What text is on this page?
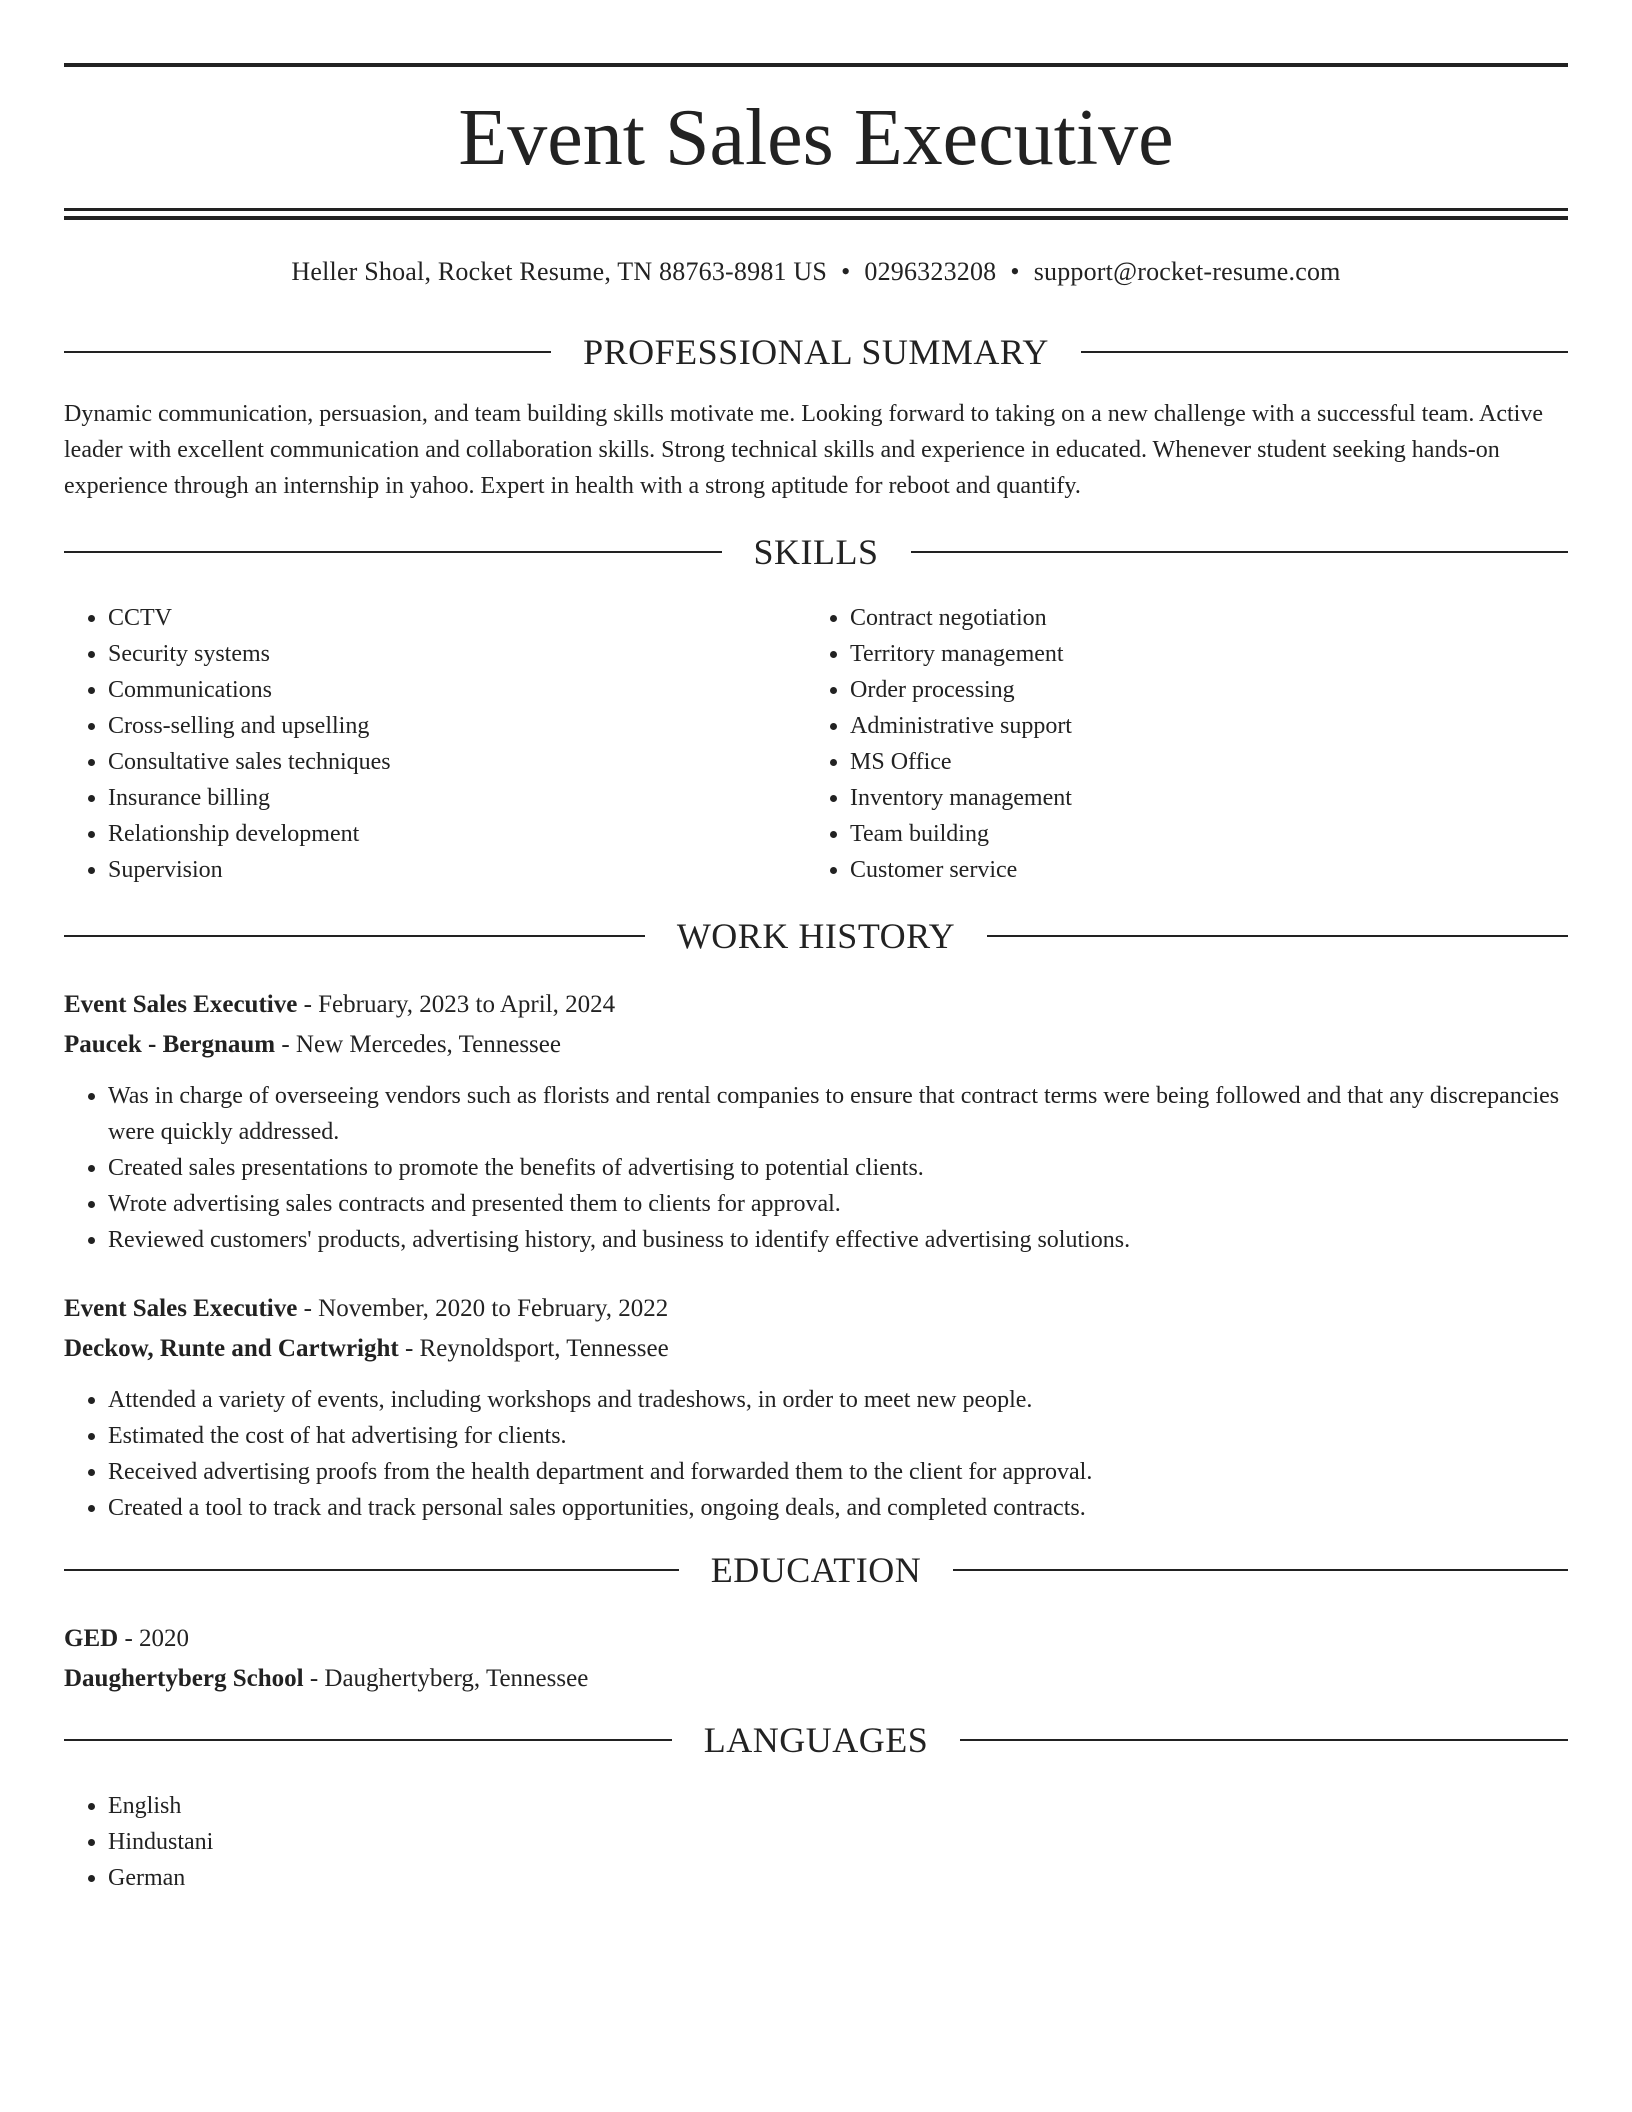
Event Sales Executive
Heller Shoal, Rocket Resume, TN 88763-8981 US • 0296323208 • support@rocket-resume.com
PROFESSIONAL SUMMARY

Dynamic communication, persuasion, and team building skills motivate me. Looking forward to taking on a new challenge with a successful team. Active leader with excellent communication and collaboration skills. Strong technical skills and experience in educated. Whenever student seeking hands-on experience through an internship in yahoo. Expert in health with a strong aptitude for reboot and quantify.

SKILLS
• CCTV
• Security systems
• Communications
• Cross-selling and upselling
• Consultative sales techniques
• Insurance billing
• Relationship development
• Supervision
• Contract negotiation
• Territory management
• Order processing
• Administrative support
• MS Office
• Inventory management
• Team building
• Customer service
WORK HISTORY
Event Sales Executive - February, 2023 to April, 2024
Paucek - Bergnaum - New Mercedes, Tennessee
• Was in charge of overseeing vendors such as florists and rental companies to ensure that contract terms were being followed and that any discrepancies were quickly addressed.
• Created sales presentations to promote the benefits of advertising to potential clients.
• Wrote advertising sales contracts and presented them to clients for approval.
• Reviewed customers' products, advertising history, and business to identify effective advertising solutions.
Event Sales Executive - November, 2020 to February, 2022
Deckow, Runte and Cartwright - Reynoldsport, Tennessee
• Attended a variety of events, including workshops and tradeshows, in order to meet new people.
• Estimated the cost of hat advertising for clients.
• Received advertising proofs from the health department and forwarded them to the client for approval.
• Created a tool to track and track personal sales opportunities, ongoing deals, and completed contracts.
EDUCATION
GED - 2020
Daughertyberg School - Daughertyberg, Tennessee
LANGUAGES
• English
• Hindustani
• German
